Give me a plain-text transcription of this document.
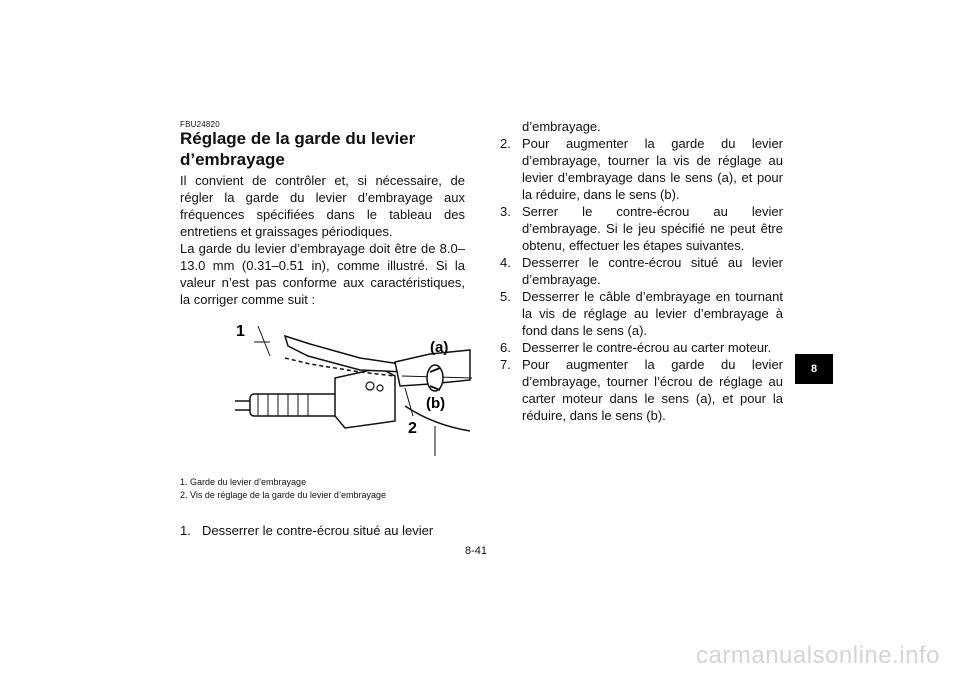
FBU24820
Réglage de la garde du levier d’embrayage

Il convient de contrôler et, si nécessaire, de régler la garde du levier d’embrayage aux fréquences spécifiées dans le tableau des entretiens et graissages périodiques.

La garde du levier d’embrayage doit être de 8.0–13.0 mm (0.31–0.51 in), comme illustré. Si la valeur n’est pas conforme aux caractéristiques, la corriger comme suit :

1
2
(a)
(b)
1. Garde du levier d’embrayage
2. Vis de réglage de la garde du levier d’embrayage
1. Desserrer le contre-écrou situé au levier
d’embrayage.
2. Pour augmenter la garde du levier d’embrayage, tourner la vis de réglage au levier d’embrayage dans le sens (a), et pour la réduire, dans le sens (b).
3. Serrer le contre-écrou au levier d’embrayage. Si le jeu spécifié ne peut être obtenu, effectuer les étapes suivantes.
4. Desserrer le contre-écrou situé au levier d’embrayage.
5. Desserrer le câble d’embrayage en tournant la vis de réglage au levier d’embrayage à fond dans le sens (a).
6. Desserrer le contre-écrou au carter moteur.
7. Pour augmenter la garde du levier d’embrayage, tourner l’écrou de réglage au carter moteur dans le sens (a), et pour la réduire, dans le sens (b).
8-41
8
carmanualsonline.info
